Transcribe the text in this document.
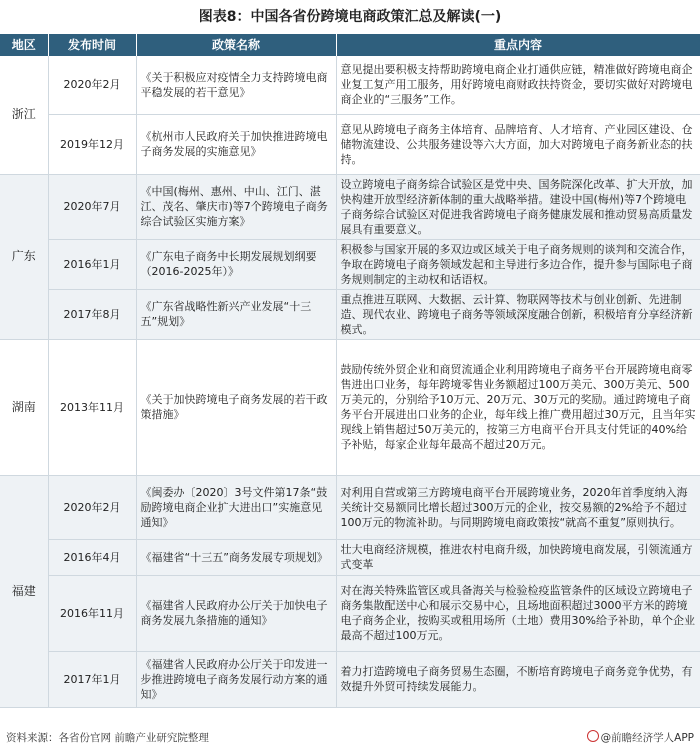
图表8：中国各省份跨境电商政策汇总及解读(一)
地区	发布时间	政策名称	重点内容
浙江	2020年2月	《关于积极应对疫情全力支持跨境电商平稳发展的若干意见》	意见提出要积极支持帮助跨境电商企业打通供应链，精准做好跨境电商企业复工复产用工服务，用好跨境电商财政扶持资金，要切实做好对跨境电商企业的“三服务”工作。
	2019年12月	《杭州市人民政府关于加快推进跨境电子商务发展的实施意见》	意见从跨境电子商务主体培育、品牌培育、人才培育、产业园区建设、仓储物流建设、公共服务建设等六大方面，加大对跨境电子商务新业态的扶持。
广东	2020年7月	《中国(梅州、惠州、中山、江门、湛江、茂名、肇庆市)等7个跨境电子商务综合试验区实施方案》	设立跨境电子商务综合试验区是党中央、国务院深化改革、扩大开放，加快构建开放型经济新体制的重大战略举措。建设中国(梅州)等7个跨境电子商务综合试验区对促进我省跨境电子商务健康发展和推动贸易高质量发展具有重要意义。
	2016年1月	《广东电子商务中长期发展规划纲要（2016-2025年）》	积极参与国家开展的多双边或区域关于电子商务规则的谈判和交流合作，争取在跨境电子商务领域发起和主导进行多边合作，提升参与国际电子商务规则制定的主动权和话语权。
	2017年8月	《广东省战略性新兴产业发展“十三五”规划》	重点推进互联网、大数据、云计算、物联网等技术与创业创新、先进制造、现代农业、跨境电子商务等领域深度融合创新，积极培育分享经济新模式。
湖南	2013年11月	《关于加快跨境电子商务发展的若干政策措施》	鼓励传统外贸企业和商贸流通企业利用跨境电子商务平台开展跨境电商零售进出口业务，每年跨境零售业务额超过100万美元、300万美元、500万美元的，分别给予10万元、20万元、30万元的奖励。通过跨境电子商务平台开展进出口业务的企业，每年线上推广费用超过30万元，且当年实现线上销售超过50万美元的，按第三方电商平台开具支付凭证的40%给予补贴，每家企业每年最高不超过20万元。
福建	2020年2月	《闽委办〔2020〕3号文件第17条“鼓励跨境电商企业扩大进出口”实施意见通知》	对利用自营或第三方跨境电商平台开展跨境业务，2020年首季度纳入海关统计交易额同比增长超过300万元的企业，按交易额的2%给予不超过100万元的物流补助。与同期跨境电商政策按“就高不重复”原则执行。
	2016年4月	《福建省“十三五”商务发展专项规划》	壮大电商经济规模，推进农村电商升级，加快跨境电商发展，引领流通方式变革
	2016年11月	《福建省人民政府办公厅关于加快电子商务发展九条措施的通知》	对在海关特殊监管区或具备海关与检验检疫监管条件的区域设立跨境电子商务集散配送中心和展示交易中心，且场地面积超过3000平方米的跨境电子商务企业，按购买或租用场所（土地）费用30%给予补助，单个企业最高不超过100万元。
	2017年1月	《福建省人民政府办公厅关于印发进一步推进跨境电子商务发展行动方案的通知》	着力打造跨境电子商务贸易生态圈，不断培育跨境电子商务竞争优势，有效提升外贸可持续发展能力。
资料来源：各省份官网 前瞻产业研究院整理	@前瞻经济学人APP
